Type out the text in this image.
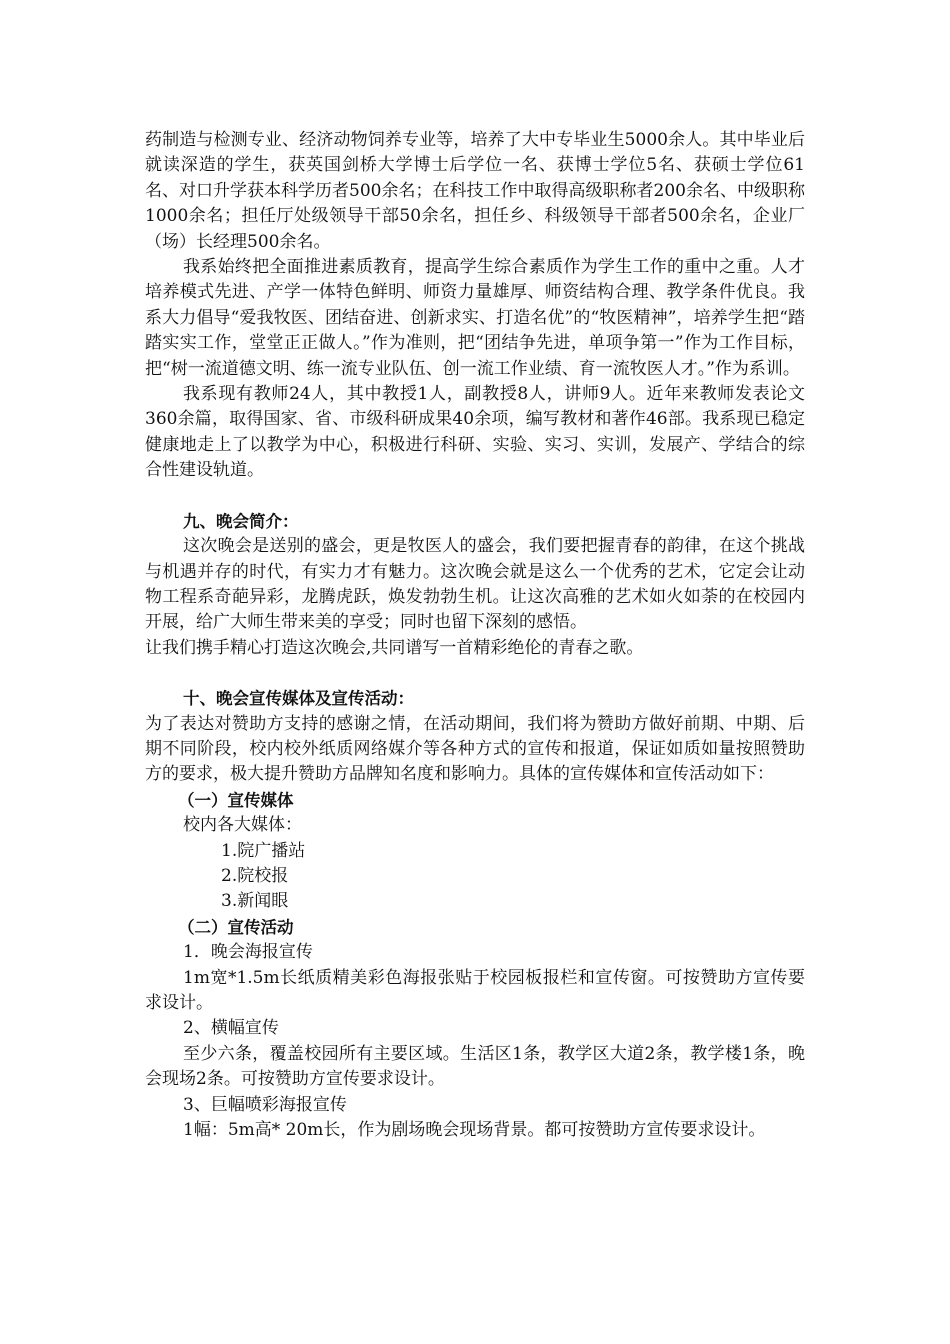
药制造与检测专业、经济动物饲养专业等，培养了大中专毕业生5000余人。其中毕业后就读深造的学生，获英国剑桥大学博士后学位一名、获博士学位5名、获硕士学位61名、对口升学获本科学历者500余名；在科技工作中取得高级职称者200余名、中级职称1000余名；担任厅处级领导干部50余名，担任乡、科级领导干部者500余名，企业厂（场）长经理500余名。

我系始终把全面推进素质教育，提高学生综合素质作为学生工作的重中之重。人才培养模式先进、产学一体特色鲜明、师资力量雄厚、师资结构合理、教学条件优良。我系大力倡导“爱我牧医、团结奋进、创新求实、打造名优”的“牧医精神”，培养学生把“踏踏实实工作，堂堂正正做人。”作为准则，把“团结争先进，单项争第一”作为工作目标，把“树一流道德文明、练一流专业队伍、创一流工作业绩、育一流牧医人才。”作为系训。

我系现有教师24人，其中教授1人，副教授8人，讲师9人。近年来教师发表论文360余篇，取得国家、省、市级科研成果40余项，编写教材和著作46部。我系现已稳定健康地走上了以教学为中心，积极进行科研、实验、实习、实训，发展产、学结合的综合性建设轨道。

九、晚会简介：

这次晚会是送别的盛会，更是牧医人的盛会，我们要把握青春的韵律，在这个挑战与机遇并存的时代，有实力才有魅力。这次晚会就是这么一个优秀的艺术，它定会让动物工程系奇葩异彩，龙腾虎跃，焕发勃勃生机。让这次高雅的艺术如火如荼的在校园内开展，给广大师生带来美的享受；同时也留下深刻的感悟。

让我们携手精心打造这次晚会,共同谱写一首精彩绝伦的青春之歌。

十、晚会宣传媒体及宣传活动：

为了表达对赞助方支持的感谢之情，在活动期间，我们将为赞助方做好前期、中期、后期不同阶段，校内校外纸质网络媒介等各种方式的宣传和报道，保证如质如量按照赞助方的要求，极大提升赞助方品牌知名度和影响力。具体的宣传媒体和宣传活动如下：

（一）宣传媒体

校内各大媒体：

1.院广播站

2.院校报

3.新闻眼

（二）宣传活动

1．晚会海报宣传

1m宽*1.5m长纸质精美彩色海报张贴于校园板报栏和宣传窗。可按赞助方宣传要求设计。

2、横幅宣传

至少六条，覆盖校园所有主要区域。生活区1条，教学区大道2条，教学楼1条，晚会现场2条。可按赞助方宣传要求设计。

3、巨幅喷彩海报宣传

1幅：5m高* 20m长，作为剧场晚会现场背景。都可按赞助方宣传要求设计。
